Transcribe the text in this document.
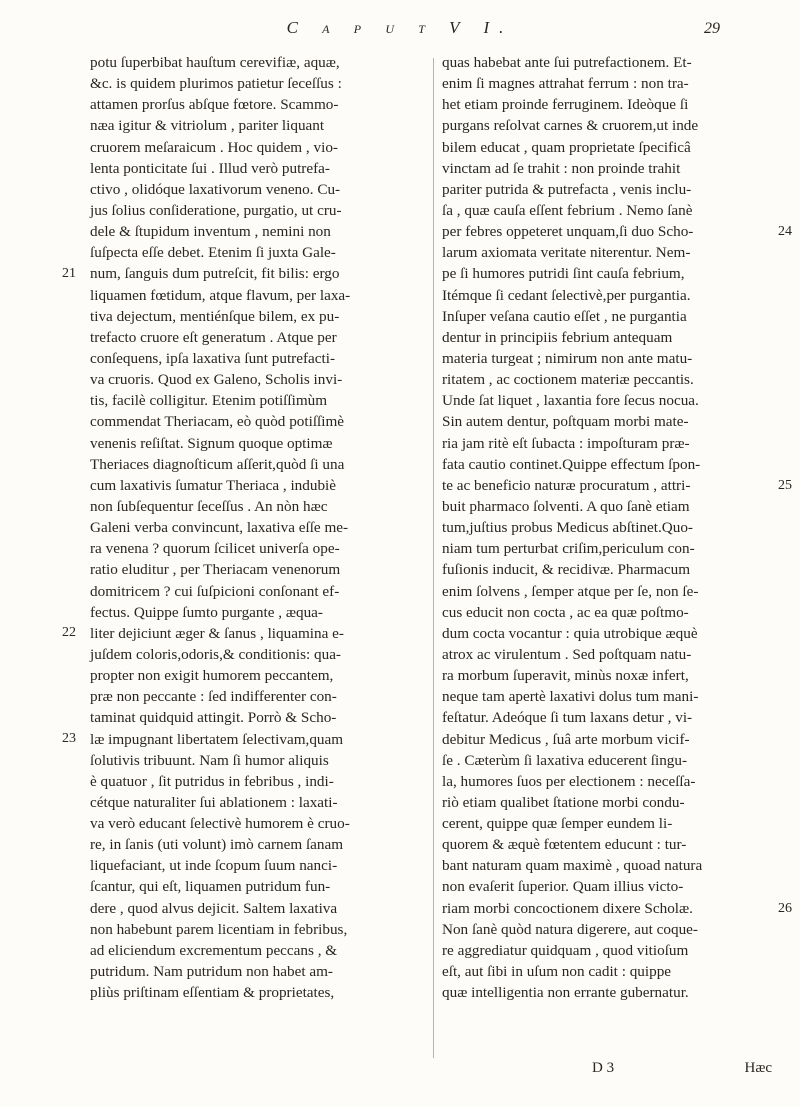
C a p u t V I.	29
potu ſuperbibat hauſtum cerevifiæ, aquæ,
&c. is quidem plurimos patietur ſeceſſus :
attamen prorſus abſque fœtore. Scammo-
næa igitur & vitriolum , pariter liquant
cruorem meſaraicum . Hoc quidem , vio-
lenta ponticitate ſui . Illud verò putrefa-
ctivo , olidóque laxativorum veneno. Cu-
jus ſolius conſideratione, purgatio, ut cru-
dele & ſtupidum inventum , nemini non
ſuſpecta eſſe debet. Etenim ſi juxta Gale-
num, ſanguis dum putreſcit, fit bilis: ergo
liquamen fœtidum, atque flavum, per laxa-
tiva dejectum, mentiénſque bilem, ex pu-
trefacto cruore eſt generatum . Atque per
conſequens, ipſa laxativa ſunt putrefacti-
va cruoris. Quod ex Galeno, Scholis invi-
tis, facilè colligitur. Etenim potiſſimùm
commendat Theriacam, eò quòd potiſſimè
venenis reſiſtat. Signum quoque optimæ
Theriaces diagnoſticum aſſerit,quòd ſi una
cum laxativis ſumatur Theriaca , indubiè
non ſubſequentur ſeceſſus . An nòn hæc
Galeni verba convincunt, laxativa eſſe me-
ra venena ? quorum ſcilicet univerſa ope-
ratio eluditur , per Theriacam venenorum
domitricem ? cui ſuſpicioni conſonant ef-
fectus. Quippe ſumto purgante , æqua-
liter dejiciunt æger & ſanus , liquamina e-
juſdem coloris,odoris,& conditionis: qua-
propter non exigit humorem peccantem,
præ non peccante : ſed indifferenter con-
taminat quidquid attingit. Porrò & Scho-
læ impugnant libertatem ſelectivam,quam
ſolutivis tribuunt. Nam ſi humor aliquis
è quatuor , ſit putridus in febribus , indi-
cétque naturaliter ſui ablationem : laxati-
va verò educant ſelectivè humorem è cruo-
re, in ſanis (uti volunt) imò carnem ſanam
liquefaciant, ut inde ſcopum ſuum nanci-
ſcantur, qui eſt, liquamen putridum fun-
dere , quod alvus dejicit. Saltem laxativa
non habebunt parem licentiam in febribus,
ad eliciendum excrementum peccans , &
putridum. Nam putridum non habet am-
pliùs priſtinam eſſentiam & proprietates,
quas habebat ante ſui putrefactionem. Et-
enim ſi magnes attrahat ferrum : non tra-
het etiam proinde ferruginem. Ideòque ſi
purgans reſolvat carnes & cruorem,ut inde
bilem educat , quam proprietate ſpecificâ
vinctam ad ſe trahit : non proinde trahit
pariter putrida & putrefacta , venis inclu-
ſa , quæ cauſa eſſent febrium . Nemo ſanè
per febres oppeteret unquam,ſi duo Scho-
larum axiomata veritate niterentur. Nem-
pe ſi humores putridi ſint cauſa febrium,
Itémque ſi cedant ſelectivè,per purgantia.
Inſuper veſana cautio eſſet , ne purgantia
dentur in principiis febrium antequam
materia turgeat ; nimirum non ante matu-
ritatem , ac coctionem materiæ peccantis.
Unde ſat liquet , laxantia fore ſecus nocua.
Sin autem dentur, poſtquam morbi mate-
ria jam ritè eſt ſubacta : impoſturam præ-
fata cautio continet.Quippe effectum ſpon-
te ac beneficio naturæ procuratum , attri-
buit pharmaco ſolventi. A quo ſanè etiam
tum,juſtius probus Medicus abſtinet.Quo-
niam tum perturbat criſim,periculum con-
fuſionis inducit, & recidivæ. Pharmacum
enim ſolvens , ſemper atque per ſe, non ſe-
cus educit non cocta , ac ea quæ poſtmo-
dum cocta vocantur : quia utrobique æquè
atrox ac virulentum . Sed poſtquam natu-
ra morbum ſuperavit, minùs noxæ infert,
neque tam apertè laxativi dolus tum mani-
feſtatur. Adeóque ſi tum laxans detur , vi-
debitur Medicus , ſuâ arte morbum vicif-
ſe . Cæterùm ſi laxativa educerent ſingu-
la, humores ſuos per electionem : neceſſa-
riò etiam qualibet ſtatione morbi condu-
cerent, quippe quæ ſemper eundem li-
quorem & æquè fœtentem educunt : tur-
bant naturam quam maximè , quoad natura
non evaſerit ſuperior. Quam illius victo-
riam morbi concoctionem dixere Scholæ.
Non ſanè quòd natura digerere, aut coque-
re aggrediatur quidquam , quod vitioſum
eſt, aut ſibi in uſum non cadit : quippe
quæ intelligentia non errante gubernatur.
21
22
23
24
25
26
D 3	Hæc
